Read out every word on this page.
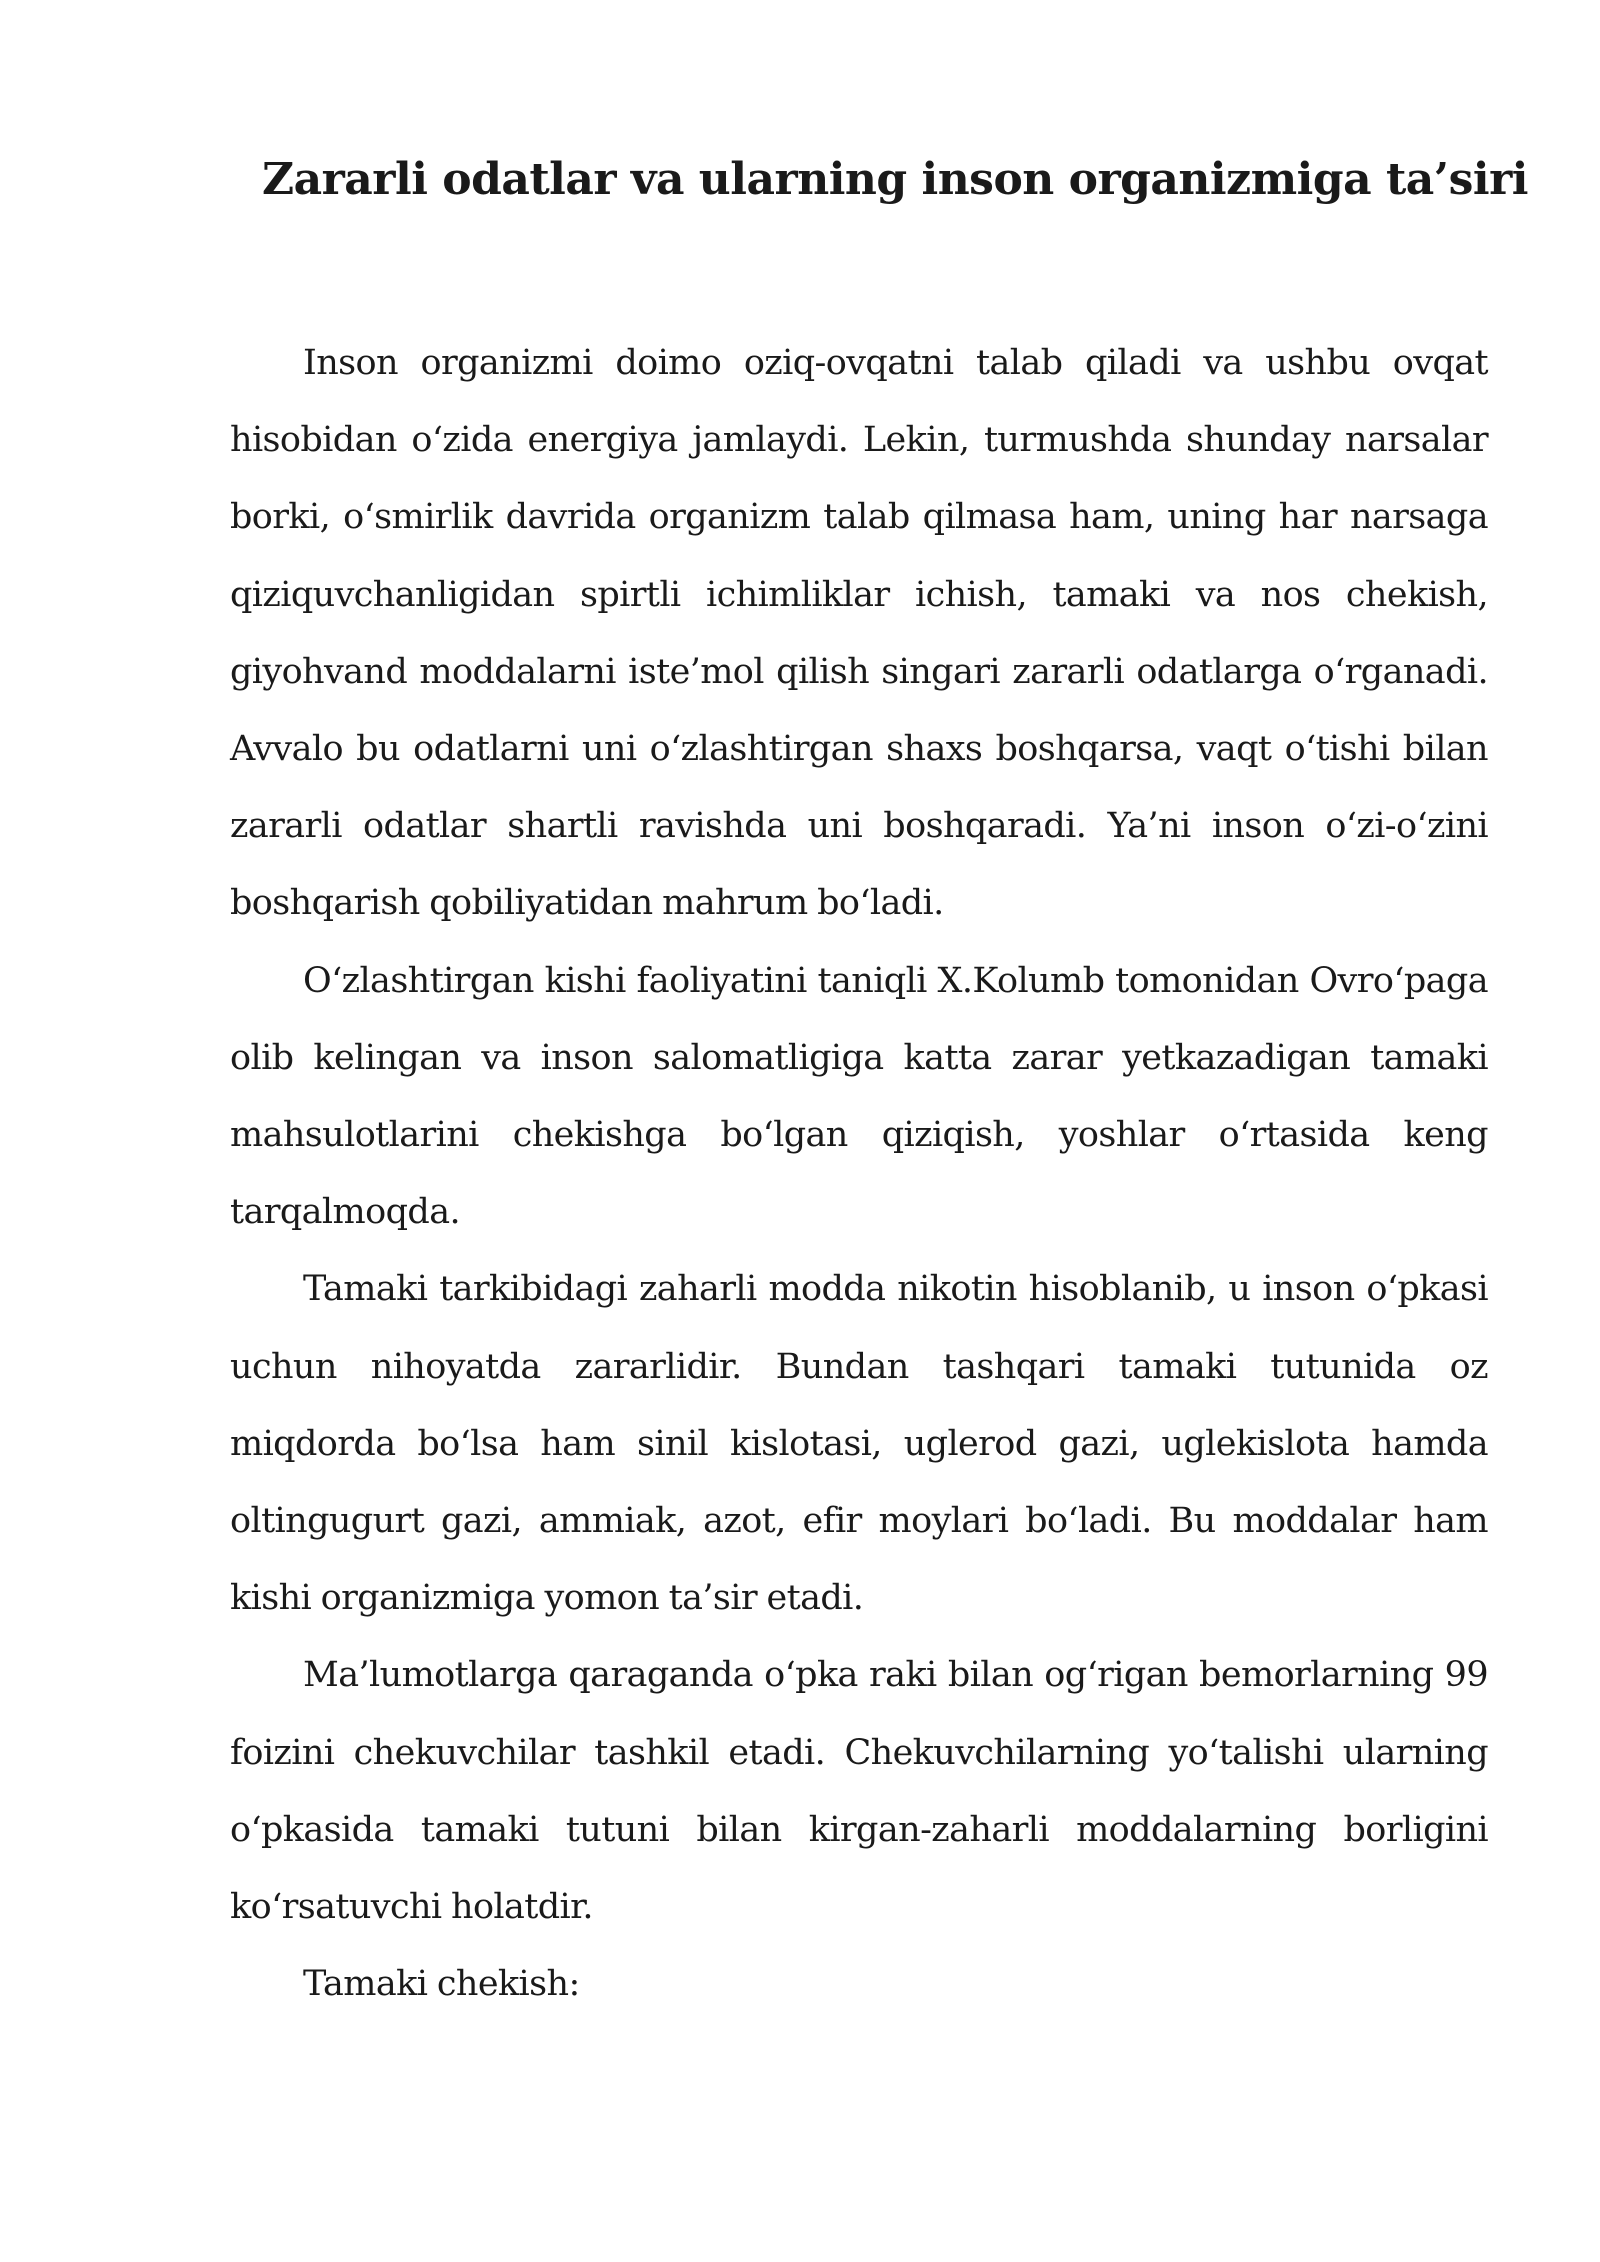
Zararli odatlar va ularning inson organizmiga ta’siri

Inson organizmi doimo oziq-ovqatni talab qiladi va ushbu ovqat hisobidan o‘zida energiya jamlaydi. Lekin, turmushda shunday narsalar borki, o‘smirlik davrida organizm talab qilmasa ham, uning har narsaga qiziquvchanligidan spirtli ichimliklar ichish, tamaki va nos chekish, giyohvand moddalarni iste’mol qilish singari zararli odatlarga o‘rganadi. Avvalo bu odatlarni uni o‘zlashtirgan shaxs boshqarsa, vaqt o‘tishi bilan zararli odatlar shartli ravishda uni boshqaradi. Ya’ni inson o‘zi-o‘zini boshqarish qobiliyatidan mahrum bo‘ladi.

O‘zlashtirgan kishi faoliyatini taniqli X.Kolumb tomonidan Ovro‘paga olib kelingan va inson salomatligiga katta zarar yetkazadigan tamaki mahsulotlarini chekishga bo‘lgan qiziqish, yoshlar o‘rtasida keng tarqalmoqda.

Tamaki tarkibidagi zaharli modda nikotin hisoblanib, u inson o‘pkasi uchun nihoyatda zararlidir. Bundan tashqari tamaki tutunida oz miqdorda bo‘lsa ham sinil kislotasi, uglerod gazi, uglekislota hamda oltingugurt gazi, ammiak, azot, efir moylari bo‘ladi. Bu moddalar ham kishi organizmiga yomon ta’sir etadi.

Ma’lumotlarga qaraganda o‘pka raki bilan og‘rigan bemorlarning 99 foizini chekuvchilar tashkil etadi. Chekuvchilarning yo‘talishi ularning o‘pkasida tamaki tutuni bilan kirgan-zaharli moddalarning borligini ko‘rsatuvchi holatdir.

Tamaki chekish:
